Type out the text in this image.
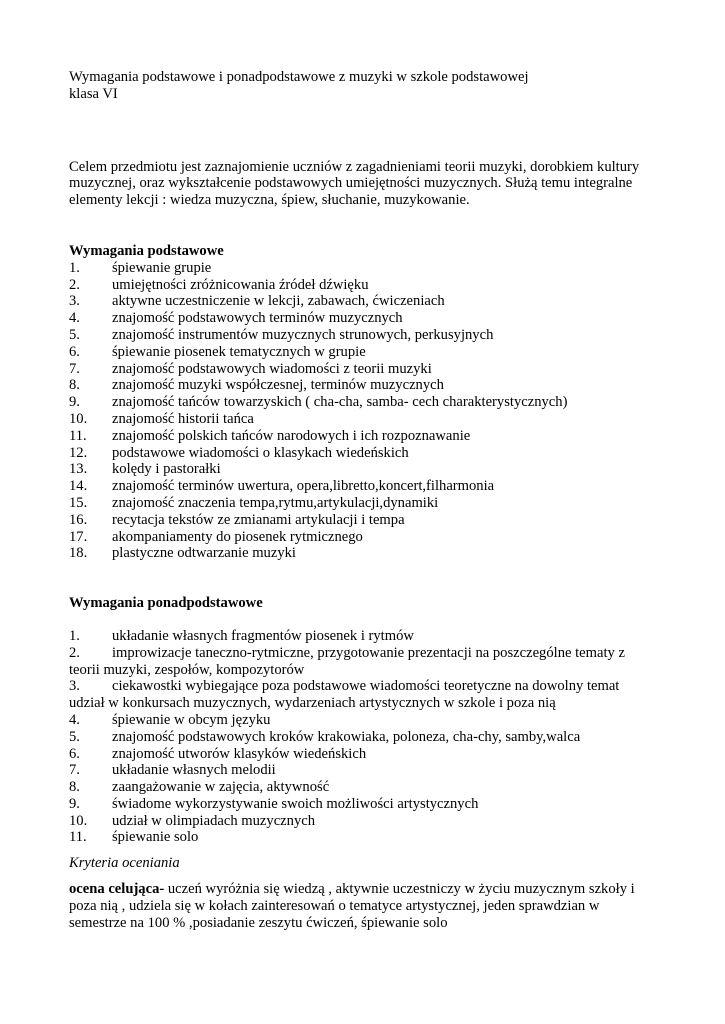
Wymagania podstawowe i ponadpodstawowe z muzyki w szkole podstawowej
klasa VI
Celem przedmiotu jest zaznajomienie uczniów z zagadnieniami teorii muzyki, dorobkiem kultury
muzycznej, oraz wykształcenie podstawowych umiejętności muzycznych. Służą temu integralne
elementy lekcji : wiedza muzyczna, śpiew, słuchanie, muzykowanie.
Wymagania podstawowe
1. śpiewanie grupie
2. umiejętności zróżnicowania źródeł dźwięku
3. aktywne uczestniczenie w lekcji, zabawach, ćwiczeniach
4. znajomość podstawowych terminów muzycznych
5. znajomość instrumentów muzycznych strunowych, perkusyjnych
6. śpiewanie piosenek tematycznych w grupie
7. znajomość podstawowych wiadomości z teorii muzyki
8. znajomość muzyki współczesnej, terminów muzycznych
9. znajomość tańców towarzyskich ( cha-cha, samba- cech charakterystycznych)
10. znajomość historii tańca
11. znajomość polskich tańców narodowych i ich rozpoznawanie
12. podstawowe wiadomości o klasykach wiedeńskich
13. kolędy i pastorałki
14. znajomość terminów uwertura, opera,libretto,koncert,filharmonia
15. znajomość znaczenia tempa,rytmu,artykulacji,dynamiki
16. recytacja tekstów ze zmianami artykulacji i tempa
17. akompaniamenty do piosenek rytmicznego
18. plastyczne odtwarzanie muzyki
Wymagania ponadpodstawowe
1. układanie własnych fragmentów piosenek i rytmów
2. improwizacje taneczno-rytmiczne, przygotowanie prezentacji na poszczególne tematy z
teorii muzyki, zespołów, kompozytorów
3. ciekawostki wybiegające poza podstawowe wiadomości teoretyczne na dowolny temat
udział w konkursach muzycznych, wydarzeniach artystycznych w szkole i poza nią
4. śpiewanie w obcym języku
5. znajomość podstawowych kroków krakowiaka, poloneza, cha-chy, samby,walca
6. znajomość utworów klasyków wiedeńskich
7. układanie własnych melodii
8. zaangażowanie w zajęcia, aktywność
9. świadome wykorzystywanie swoich możliwości artystycznych
10. udział w olimpiadach muzycznych
11. śpiewanie solo
Kryteria oceniania
ocena celująca- uczeń wyróżnia się wiedzą , aktywnie uczestniczy w życiu muzycznym szkoły i
poza nią , udziela się w kołach zainteresowań o tematyce artystycznej, jeden sprawdzian w
semestrze na 100 % ,posiadanie zeszytu ćwiczeń, śpiewanie solo
